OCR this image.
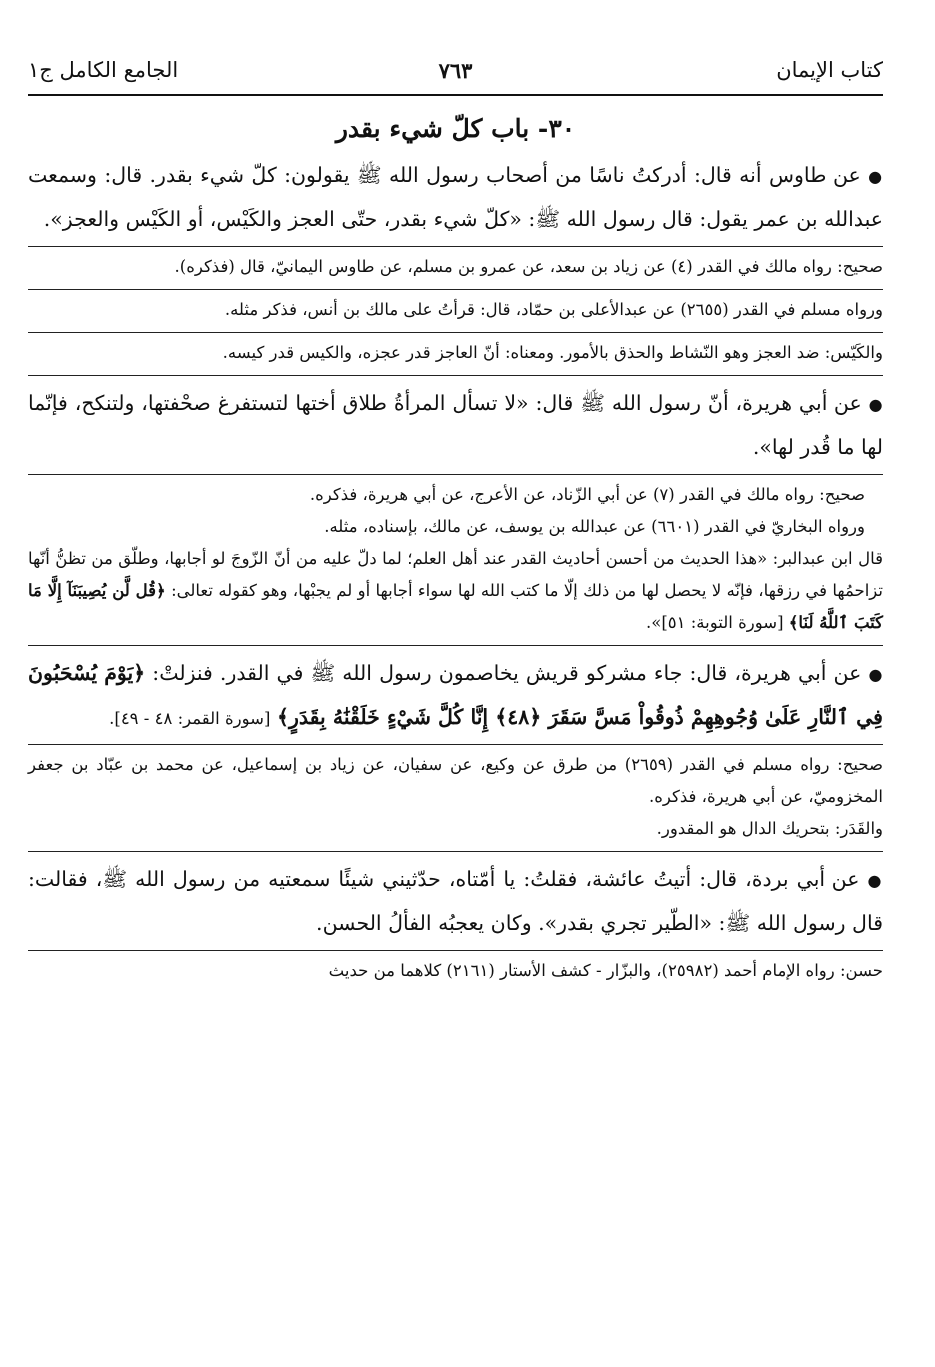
كتاب الإيمان
٧٦٣
الجامع الكامل ج١
٣٠- باب كلّ شيء بقدر

● عن طاوس أنه قال: أدركتُ ناسًا من أصحاب رسول الله ﷺ يقولون: كلّ شيء بقدر. قال: وسمعت عبدالله بن عمر يقول: قال رسول الله ﷺ: «كلّ شيء بقدر، حتّى العجز والكَيْس، أو الكَيْس والعجز».

صحيح: رواه مالك في القدر (٤) عن زياد بن سعد، عن عمرو بن مسلم، عن طاوس اليمانيّ، قال (فذكره).

ورواه مسلم في القدر (٢٦٥٥) عن عبدالأعلى بن حمّاد، قال: قرأتُ على مالك بن أنس، فذكر مثله.

والكَيّس: ضد العجز وهو النّشاط والحذق بالأمور. ومعناه: أنّ العاجز قدر عجزه، والكيس قدر كيسه.

● عن أبي هريرة، أنّ رسول الله ﷺ قال: «لا تسأل المرأةُ طلاق أختها لتستفرغ صحْفتها، ولتنكح، فإنّما لها ما قُدر لها».

صحيح: رواه مالك في القدر (٧) عن أبي الزّناد، عن الأعرج، عن أبي هريرة، فذكره.

ورواه البخاريّ في القدر (٦٦٠١) عن عبدالله بن يوسف، عن مالك، بإسناده، مثله.

قال ابن عبدالبر: «هذا الحديث من أحسن أحاديث القدر عند أهل العلم؛ لما دلّ عليه من أنّ الزّوجَ لو أجابها، وطلّق من تظنُّ أنّها تزاحمُها في رزقها، فإنّه لا يحصل لها من ذلك إلّا ما كتب الله لها سواء أجابها أو لم يجبْها، وهو كقوله تعالى: ﴿قُل لَّن يُصِيبَنَآ إِلَّا مَا كَتَبَ ٱللَّهُ لَنَا﴾ [سورة التوبة: ٥١]».

● عن أبي هريرة، قال: جاء مشركو قريش يخاصمون رسول الله ﷺ في القدر. فنزلتْ: ﴿يَوْمَ يُسْحَبُونَ فِي ٱلنَّارِ عَلَىٰ وُجُوهِهِمْ ذُوقُواْ مَسَّ سَقَرَ ﴿٤٨﴾ إِنَّا كُلَّ شَيْءٍ خَلَقْنَٰهُ بِقَدَرٍ﴾ [سورة القمر: ٤٨ - ٤٩].

صحيح: رواه مسلم في القدر (٢٦٥٩) من طرق عن وكيع، عن سفيان، عن زياد بن إسماعيل، عن محمد بن عبّاد بن جعفر المخزوميّ، عن أبي هريرة، فذكره.

والقَدَر: بتحريك الدال هو المقدور.

● عن أبي بردة، قال: أتيتُ عائشة، فقلتُ: يا أمّتاه، حدّثيني شيئًا سمعتيه من رسول الله ﷺ، فقالت: قال رسول الله ﷺ: «الطّير تجري بقدر». وكان يعجبُه الفألُ الحسن.

حسن: رواه الإمام أحمد (٢٥٩٨٢)، والبزّار - كشف الأستار (٢١٦١) كلاهما من حديث
